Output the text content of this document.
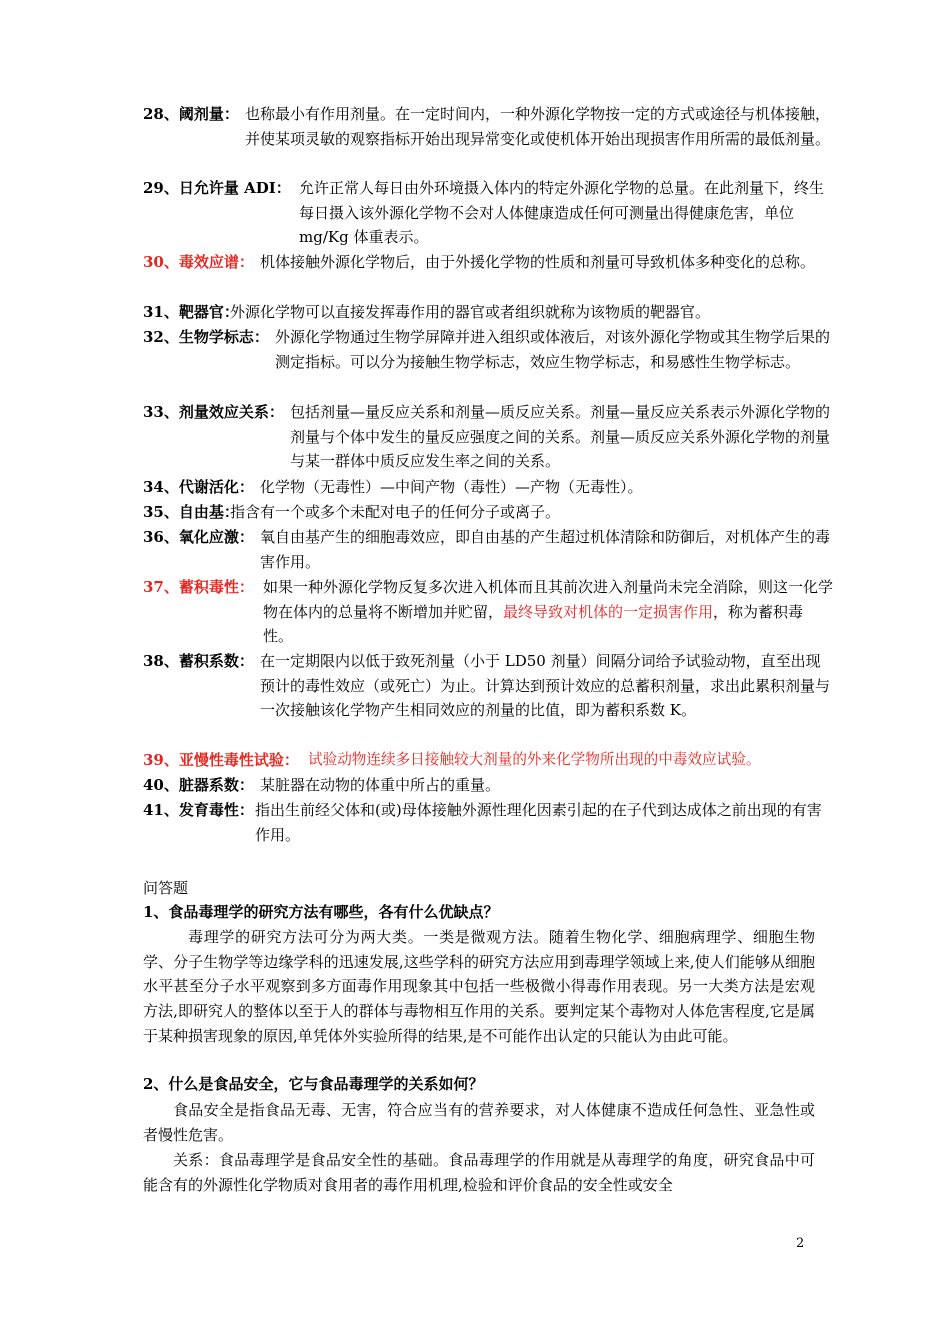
28、阈剂量： 也称最小有作用剂量。在一定时间内，一种外源化学物按一定的方式或途径与机体接触，并使某项灵敏的观察指标开始出现异常变化或使机体开始出现损害作用所需的最低剂量。
29、日允许量 ADI： 允许正常人每日由外环境摄入体内的特定外源化学物的总量。在此剂量下，终生每日摄入该外源化学物不会对人体健康造成任何可测量出得健康危害，单位 mg/Kg 体重表示。
30、毒效应谱： 机体接触外源化学物后，由于外援化学物的性质和剂量可导致机体多种变化的总称。
31、靶器官：
外源化学物可以直接发挥毒作用的器官或者组织就称为该物质的靶器官。
32、生物学标志： 外源化学物通过生物学屏障并进入组织或体液后，对该外源化学物或其生物学后果的测定指标。可以分为接触生物学标志，效应生物学标志，和易感性生物学标志。
33、剂量效应关系： 包括剂量—量反应关系和剂量—质反应关系。剂量—量反应关系表示外源化学物的剂量与个体中发生的量反应强度之间的关系。剂量—质反应关系外源化学物的剂量与某一群体中质反应发生率之间的关系。
34、代谢活化： 化学物（无毒性）—中间产物（毒性）—产物（无毒性）。
35、自由基：
指含有一个或多个未配对电子的任何分子或离子。
36、氧化应激： 氧自由基产生的细胞毒效应，即自由基的产生超过机体清除和防御后，对机体产生的毒害作用。
37、蓄积毒性： 如果一种外源化学物反复多次进入机体而且其前次进入剂量尚未完全消除，则这一化学物在体内的总量将不断增加并贮留，最终导致对机体的一定损害作用，称为蓄积毒性。
38、蓄积系数： 在一定期限内以低于致死剂量（小于 LD50 剂量）间隔分词给予试验动物，直至出现预计的毒性效应（或死亡）为止。计算达到预计效应的总蓄积剂量，求出此累积剂量与一次接触该化学物产生相同效应的剂量的比值，即为蓄积系数 K。
39、亚慢性毒性试验： 试验动物连续多日接触较大剂量的外来化学物所出现的中毒效应试验。
40、脏器系数： 某脏器在动物的体重中所占的重量。
41、发育毒性： 指出生前经父体和(或)母体接触外源性理化因素引起的在子代到达成体之前出现的有害作用。
问答题
1、食品毒理学的研究方法有哪些，各有什么优缺点？
毒理学的研究方法可分为两大类。一类是微观方法。随着生物化学、细胞病理学、细胞生物学、分子生物学等边缘学科的迅速发展,这些学科的研究方法应用到毒理学领域上来,使人们能够从细胞水平甚至分子水平观察到多方面毒作用现象其中包括一些极微小得毒作用表现。另一大类方法是宏观方法,即研究人的整体以至于人的群体与毒物相互作用的关系。要判定某个毒物对人体危害程度,它是属于某种损害现象的原因,单凭体外实验所得的结果,是不可能作出认定的只能认为由此可能。
2、什么是食品安全，它与食品毒理学的关系如何？
食品安全是指食品无毒、无害，符合应当有的营养要求，对人体健康不造成任何急性、亚急性或者慢性危害。
关系：食品毒理学是食品安全性的基础。食品毒理学的作用就是从毒理学的角度，研究食品中可能含有的外源性化学物质对食用者的毒作用机理,检验和评价食品的安全性或安全
2
